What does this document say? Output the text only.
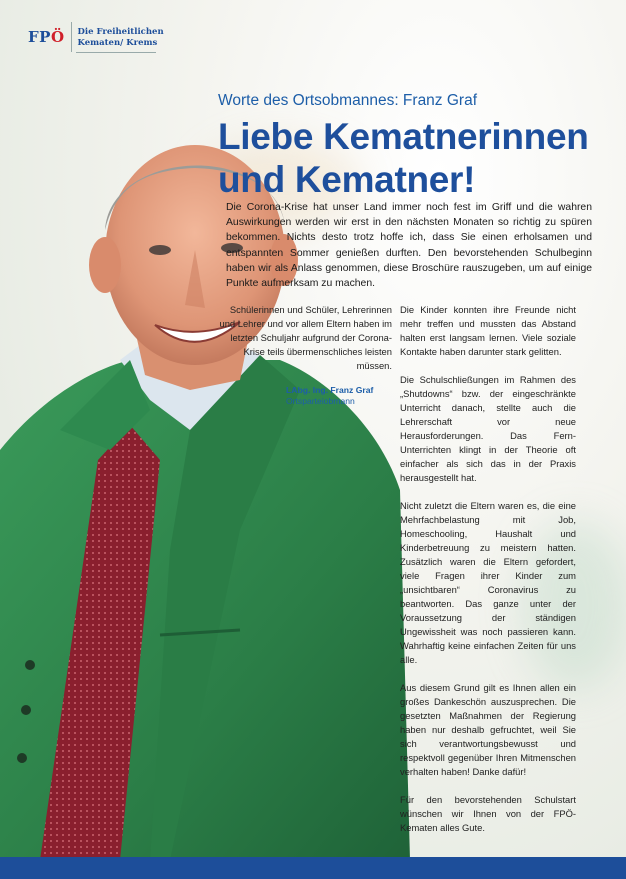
FPÖ Die Freiheitlichen
Kematen/ Krems
Worte des Ortsobmannes: Franz Graf
Liebe Kematnerinnen
und Kematner!

Die Corona-Krise hat unser Land immer noch fest im Griff und die wahren Auswirkungen werden wir erst in den nächsten Monaten so richtig zu spüren bekommen. Nichts desto trotz hoffe ich, dass Sie einen erholsamen und entspannten Sommer genießen durften. Den bevorstehenden Schulbeginn haben wir als Anlass genommen, diese Broschüre rauszugeben, um auf einige Punkte aufmerksam zu machen.

Schülerinnen und Schüler, Lehrerinnen und Lehrer und vor allem Eltern haben im letzten Schuljahr aufgrund der Corona-Krise teils übermenschliches leisten müssen.

LAbg. Ing. Franz Graf
Ortsparteiobmann

Die Kinder konnten ihre Freunde nicht mehr treffen und mussten das Abstand halten erst langsam lernen. Viele soziale Kontakte haben darunter stark gelitten.

Die Schulschließungen im Rahmen des „Shutdowns“ bzw. der eingeschränkte Unterricht danach, stellte auch die Lehrerschaft vor neue Herausforderungen. Das Fern-Unterrichten klingt in der Theorie oft einfacher als sich das in der Praxis herausgestellt hat.

Nicht zuletzt die Eltern waren es, die eine Mehrfachbelastung mit Job, Homeschooling, Haushalt und Kinderbetreuung zu meistern hatten. Zusätzlich waren die Eltern gefordert, viele Fragen ihrer Kinder zum „unsichtbaren“ Coronavirus zu beantworten. Das ganze unter der Voraussetzung der ständigen Ungewissheit was noch passieren kann. Wahrhaftig keine einfachen Zeiten für uns alle.

Aus diesem Grund gilt es Ihnen allen ein großes Dankeschön auszusprechen. Die gesetzten Maßnahmen der Regierung haben nur deshalb gefruchtet, weil Sie sich verantwortungsbewusst und respektvoll gegenüber Ihren Mitmenschen verhalten haben! Danke dafür!

Für den bevorstehenden Schulstart wünschen wir Ihnen von der FPÖ-Kematen alles Gute.
